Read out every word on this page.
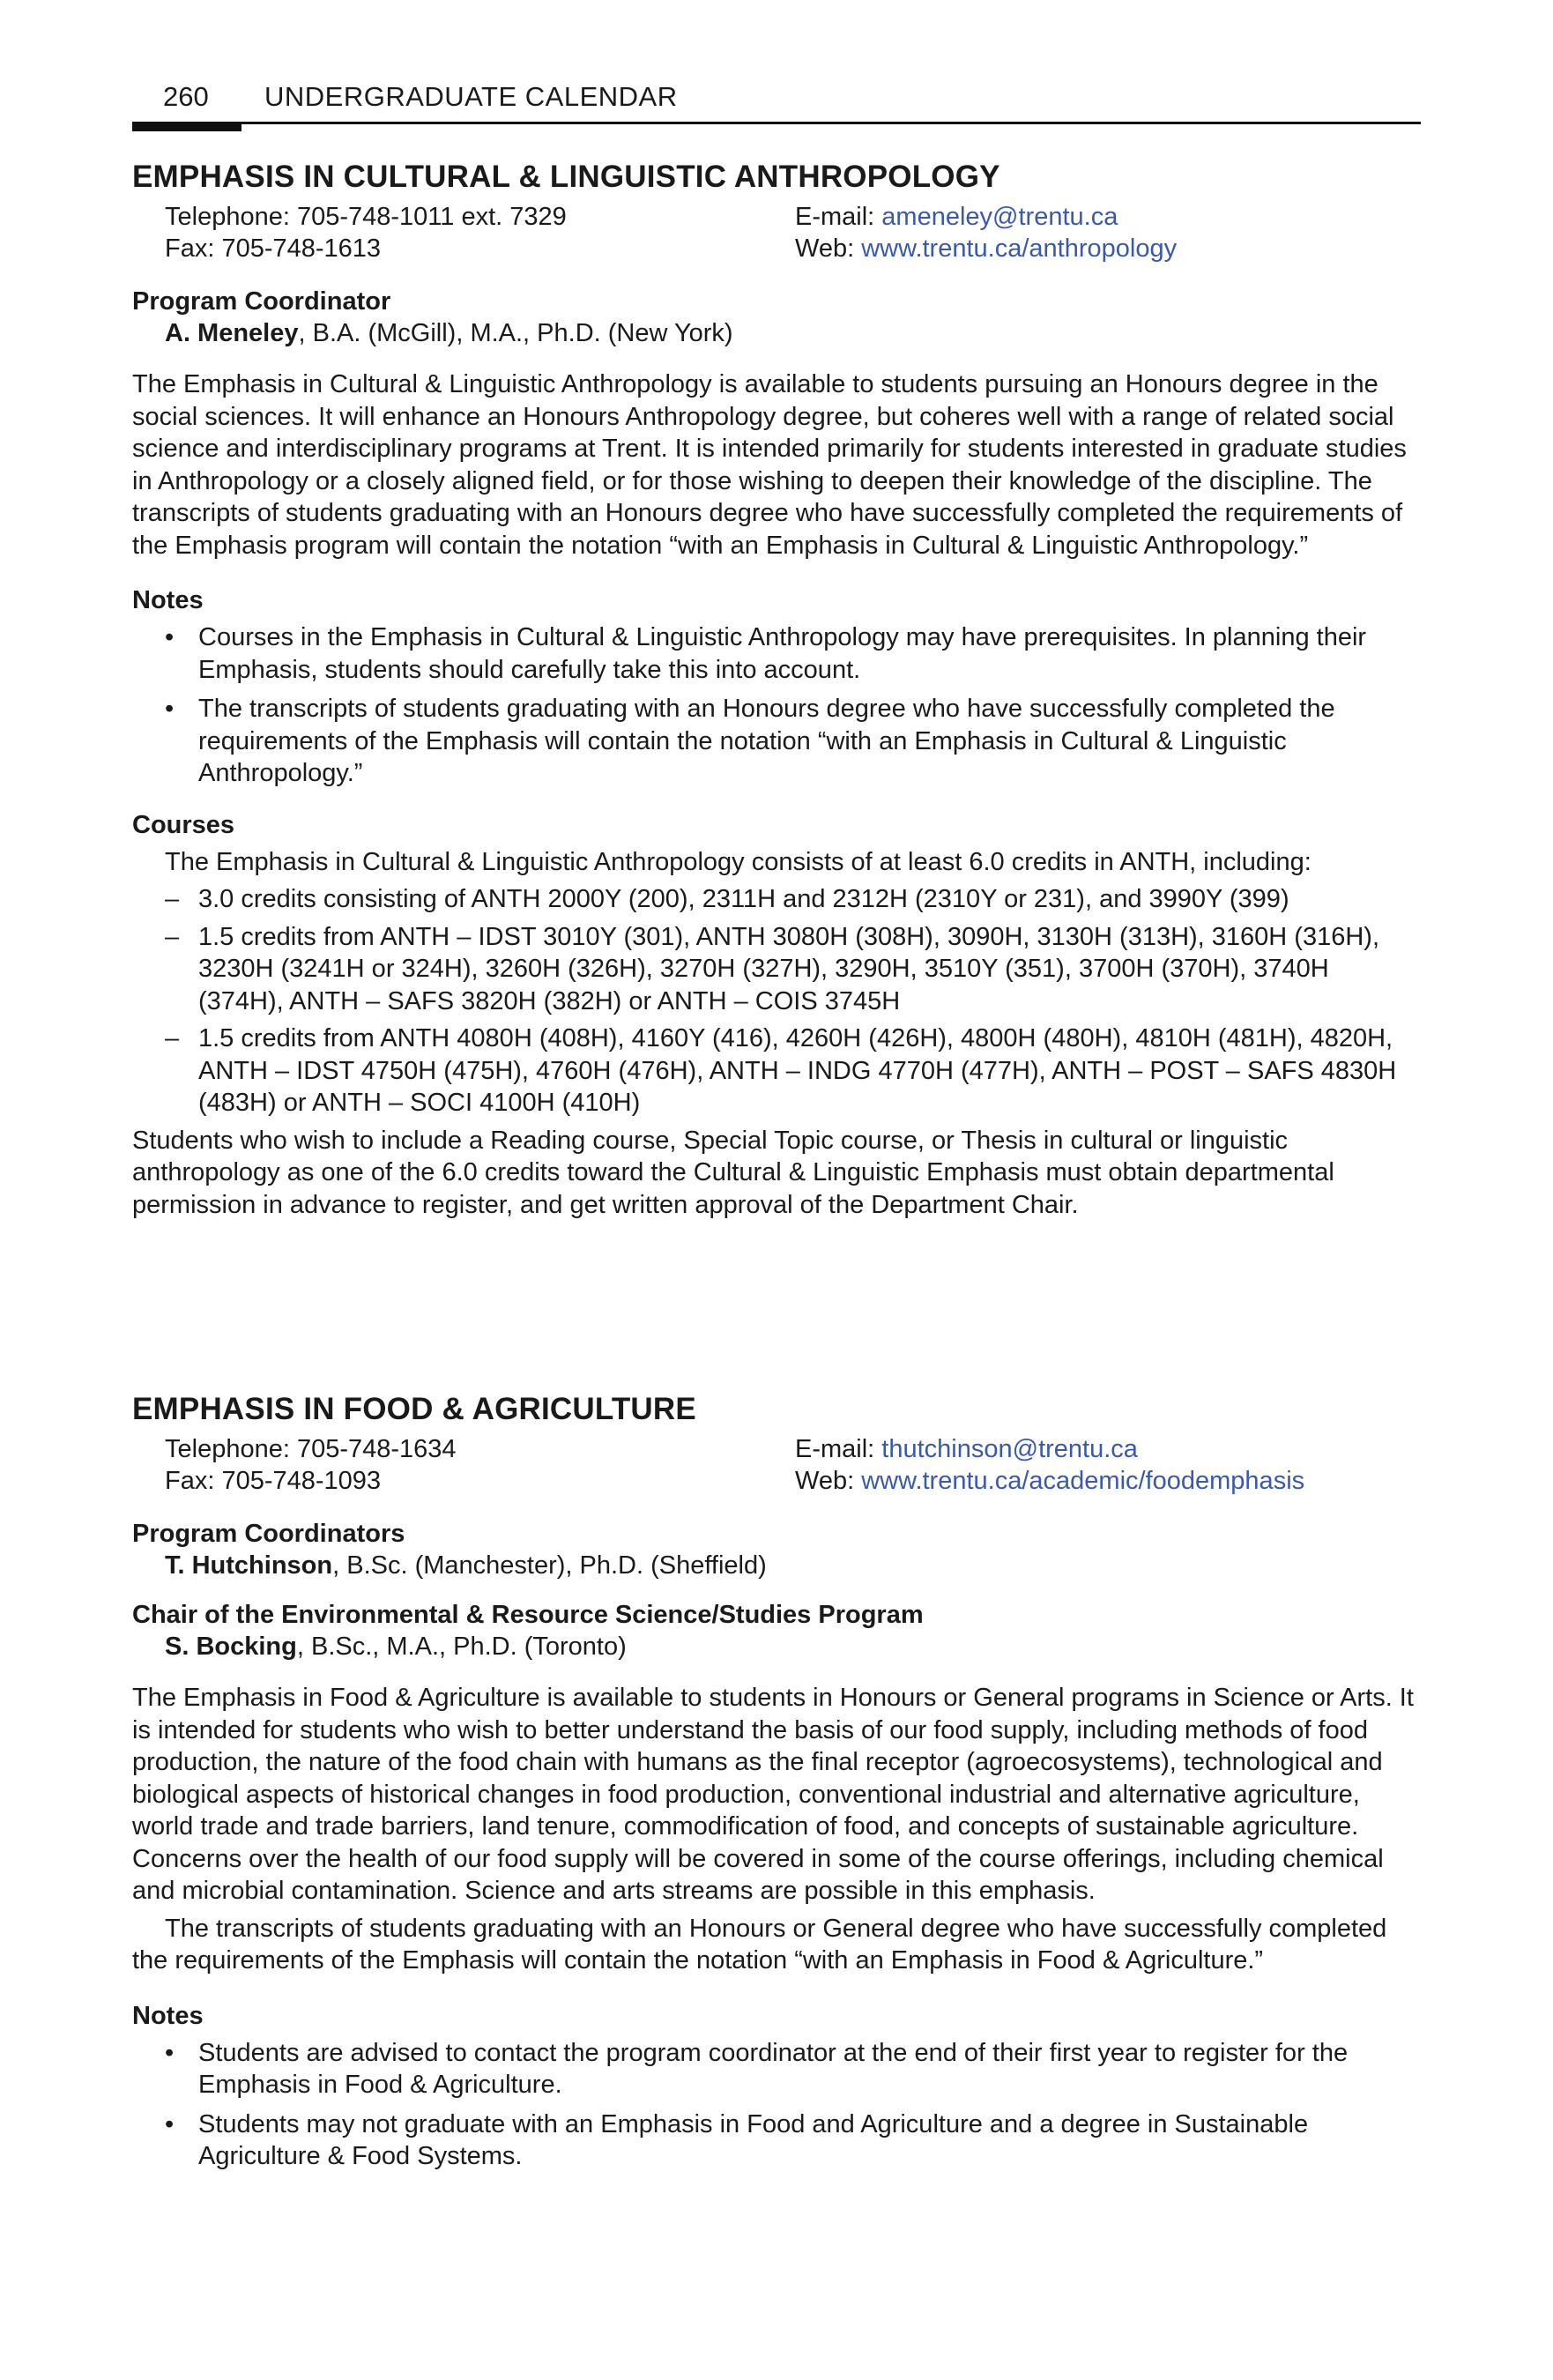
260 UNDERGRADUATE CALENDAR
EMPHASIS IN CULTURAL & LINGUISTIC ANTHROPOLOGY
Telephone: 705-748-1011 ext. 7329
Fax: 705-748-1613
E-mail: ameneley@trentu.ca
Web: www.trentu.ca/anthropology
Program Coordinator
A. Meneley, B.A. (McGill), M.A., Ph.D. (New York)

The Emphasis in Cultural & Linguistic Anthropology is available to students pursuing an Honours degree in the social sciences. It will enhance an Honours Anthropology degree, but coheres well with a range of related social science and interdisciplinary programs at Trent. It is intended primarily for students interested in graduate studies in Anthropology or a closely aligned field, or for those wishing to deepen their knowledge of the discipline. The transcripts of students graduating with an Honours degree who have successfully completed the requirements of the Emphasis program will contain the notation “with an Emphasis in Cultural & Linguistic Anthropology.”

Notes
• Courses in the Emphasis in Cultural & Linguistic Anthropology may have prerequisites. In planning their Emphasis, students should carefully take this into account.
• The transcripts of students graduating with an Honours degree who have successfully completed the requirements of the Emphasis will contain the notation “with an Emphasis in Cultural & Linguistic Anthropology.”
Courses

The Emphasis in Cultural & Linguistic Anthropology consists of at least 6.0 credits in ANTH, including:

– 3.0 credits consisting of ANTH 2000Y (200), 2311H and 2312H (2310Y or 231), and 3990Y (399)
– 1.5 credits from ANTH – IDST 3010Y (301), ANTH 3080H (308H), 3090H, 3130H (313H), 3160H (316H), 3230H (3241H or 324H), 3260H (326H), 3270H (327H), 3290H, 3510Y (351), 3700H (370H), 3740H (374H), ANTH – SAFS 3820H (382H) or ANTH – COIS 3745H
– 1.5 credits from ANTH 4080H (408H), 4160Y (416), 4260H (426H), 4800H (480H), 4810H (481H), 4820H, ANTH – IDST 4750H (475H), 4760H (476H), ANTH – INDG 4770H (477H), ANTH – POST – SAFS 4830H (483H) or ANTH – SOCI 4100H (410H)

Students who wish to include a Reading course, Special Topic course, or Thesis in cultural or linguistic anthropology as one of the 6.0 credits toward the Cultural & Linguistic Emphasis must obtain departmental permission in advance to register, and get written approval of the Department Chair.

EMPHASIS IN FOOD & AGRICULTURE
Telephone: 705-748-1634
Fax: 705-748-1093
E-mail: thutchinson@trentu.ca
Web: www.trentu.ca/academic/foodemphasis
Program Coordinators
T. Hutchinson, B.Sc. (Manchester), Ph.D. (Sheffield)
Chair of the Environmental & Resource Science/Studies Program
S. Bocking, B.Sc., M.A., Ph.D. (Toronto)

The Emphasis in Food & Agriculture is available to students in Honours or General programs in Science or Arts. It is intended for students who wish to better understand the basis of our food supply, including methods of food production, the nature of the food chain with humans as the final receptor (agroecosystems), technological and biological aspects of historical changes in food production, conventional industrial and alternative agriculture, world trade and trade barriers, land tenure, commodification of food, and concepts of sustainable agriculture. Concerns over the health of our food supply will be covered in some of the course offerings, including chemical and microbial contamination. Science and arts streams are possible in this emphasis.

The transcripts of students graduating with an Honours or General degree who have successfully completed the requirements of the Emphasis will contain the notation “with an Emphasis in Food & Agriculture.”

Notes
• Students are advised to contact the program coordinator at the end of their first year to register for the Emphasis in Food & Agriculture.
• Students may not graduate with an Emphasis in Food and Agriculture and a degree in Sustainable Agriculture & Food Systems.
